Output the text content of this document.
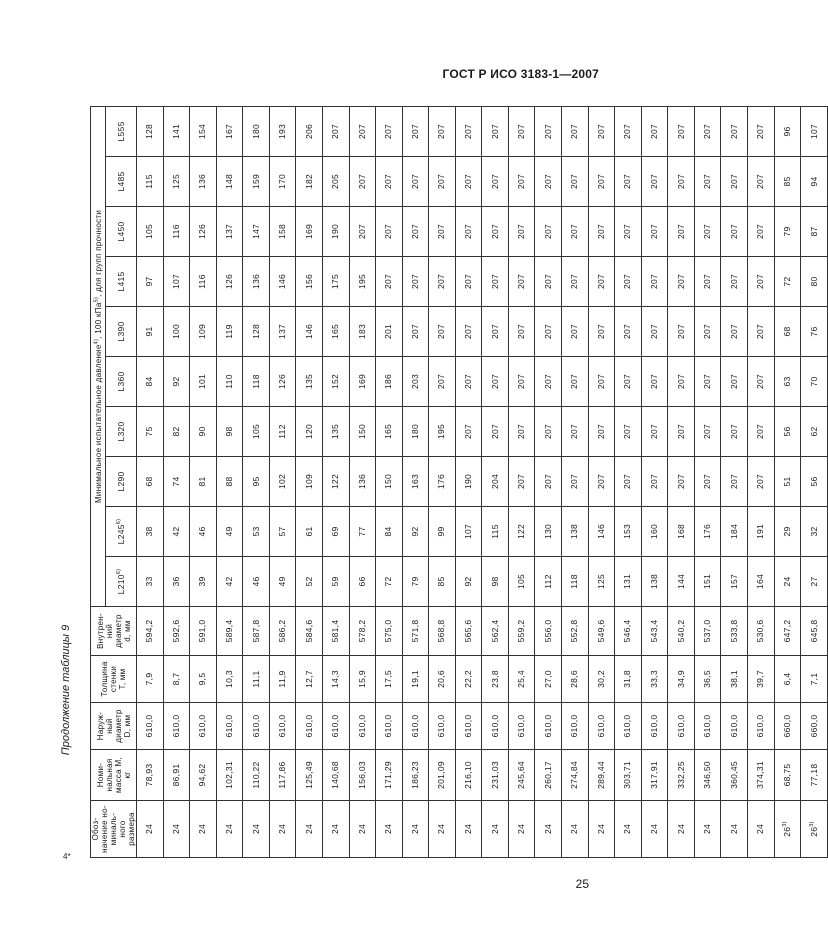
ГОСТ Р ИСО 3183-1—2007
Продолжение таблицы 9
4*
Обоз-
начение но-
миналь-
ного
размера	Номи-
нальная
масса M,
кг	Наруж-
ный
диаметр
D, мм	Толщина
стенки
T, мм	Внутрен-
ний
диаметр
d, мм	Минимальное испытательное давление$^{4)}$, 100 кПа$^{5)}$, для групп прочности									
					L210$^{6)}$	L245$^{6)}$	L290	L320	L360	L390	L415	L450	L485	L555
24	78,93	610,0	7,9	594,2	33	38	68	75	84	91	97	105	115	128
24	86,91	610,0	8,7	592,6	36	42	74	82	92	100	107	116	125	141
24	94,62	610,0	9,5	591,0	39	46	81	90	101	109	116	126	136	154
24	102,31	610,0	10,3	589,4	42	49	88	98	110	119	126	137	148	167
24	110,22	610,0	11,1	587,8	46	53	95	105	118	128	136	147	159	180
24	117,86	610,0	11,9	586,2	49	57	102	112	126	137	146	158	170	193
24	125,49	610,0	12,7	584,6	52	61	109	120	135	146	156	169	182	206
24	140,68	610,0	14,3	581,4	59	69	122	135	152	165	175	190	205	207
24	156,03	610,0	15,9	578,2	66	77	136	150	169	183	195	207	207	207
24	171,29	610,0	17,5	575,0	72	84	150	165	186	201	207	207	207	207
24	186,23	610,0	19,1	571,8	79	92	163	180	203	207	207	207	207	207
24	201,09	610,0	20,6	568,8	85	99	176	195	207	207	207	207	207	207
24	216,10	610,0	22,2	565,6	92	107	190	207	207	207	207	207	207	207
24	231,03	610,0	23,8	562,4	98	115	204	207	207	207	207	207	207	207
24	245,64	610,0	25,4	559,2	105	122	207	207	207	207	207	207	207	207
24	260,17	610,0	27,0	556,0	112	130	207	207	207	207	207	207	207	207
24	274,84	610,0	28,6	552,8	118	138	207	207	207	207	207	207	207	207
24	289,44	610,0	30,2	549,6	125	146	207	207	207	207	207	207	207	207
24	303,71	610,0	31,8	546,4	131	153	207	207	207	207	207	207	207	207
24	317,91	610,0	33,3	543,4	138	160	207	207	207	207	207	207	207	207
24	332,25	610,0	34,9	540,2	144	168	207	207	207	207	207	207	207	207
24	346,50	610,0	36,5	537,0	151	176	207	207	207	207	207	207	207	207
24	360,45	610,0	38,1	533,8	157	184	207	207	207	207	207	207	207	207
24	374,31	610,0	39,7	530,6	164	191	207	207	207	207	207	207	207	207
26$^{3)}$	68,75	660,0	6,4	647,2	24	29	51	56	63	68	72	79	85	96
26$^{3)}$	77,18	660,0	7,1	645,8	27	32	56	62	70	76	80	87	94	107
25
